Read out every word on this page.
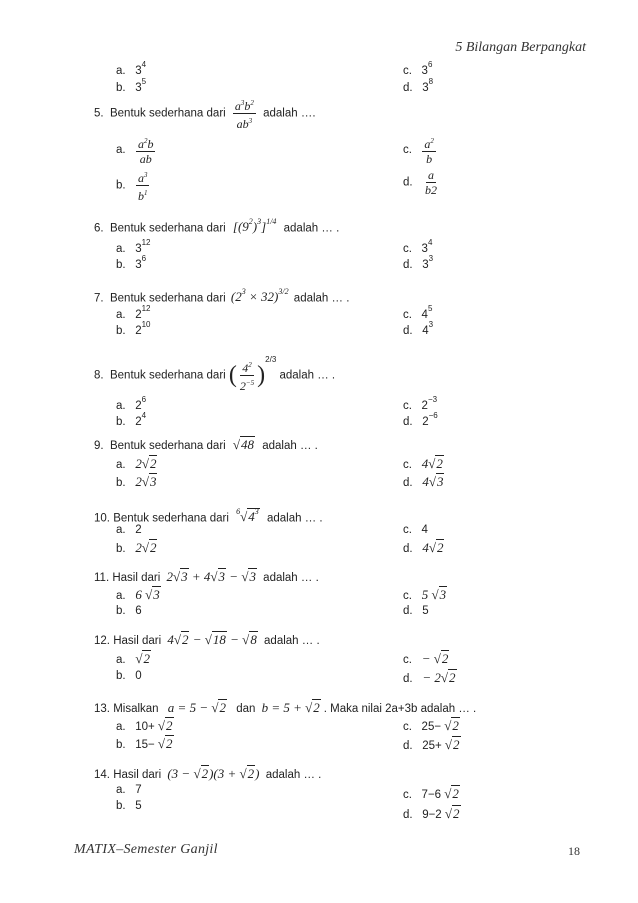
5 Bilangan Berpangkat
a. $3^4$
b. $3^5$
c. $3^6$
d. $3^8$
5. Bentuk sederhana dari $\frac{a^3b^2}{ab^3}$ adalah ….
a. $\frac{a^2b}{ab}$
b. $\frac{a^3}{b^1}$
c. $\frac{a^2}{b}$
d. $\frac{a}{b2}$
6. Bentuk sederhana dari $[(9^2)^3]^{1/4}$ adalah … .
a. $3^{12}$
b. $3^6$
c. $3^4$
d. $3^3$
7. Bentuk sederhana dari $(2^3 \times 32)^{3/2}$ adalah … .
a. $2^{12}$
b. $2^{10}$
c. $4^5$
d. $4^3$
8. Bentuk sederhana dari ( $\frac{4^2}{2^{-5}} )^{2/3}$ adalah … .
a. $2^6$
b. $2^4$
c. $2^{-3}$
d. $2^{-6}$
9. Bentuk sederhana dari √48 adalah … .
a. 2√2
b. 2√3
c. 4√2
d. 4√3
10. Bentuk sederhana dari $^6√4^3$ adalah … .
a. 2
b. 2√2
c. 4
d. 4√2
11. Hasil dari 2√3 + 4√3 − √3 adalah … .
a. 6 √3
b. 6
c. 5 √3
d. 5
12. Hasil dari 4√2 − √18 − √8 adalah … .
a.   √2
b. 0
c. − √2
d. − 2√2
13. Misalkan a = 5 − √2 dan b = 5 + √2 . Maka nilai 2a+3b adalah … .
a. 10+ √2
b. 15− √2
c. 25− √2
d. 25+ √2
14. Hasil dari (3 − √2)(3 + √2) adalah … .
a. 7
b. 5
c. 7−6 √2
d. 9−2 √2
MATIX–Semester Ganjil	18
